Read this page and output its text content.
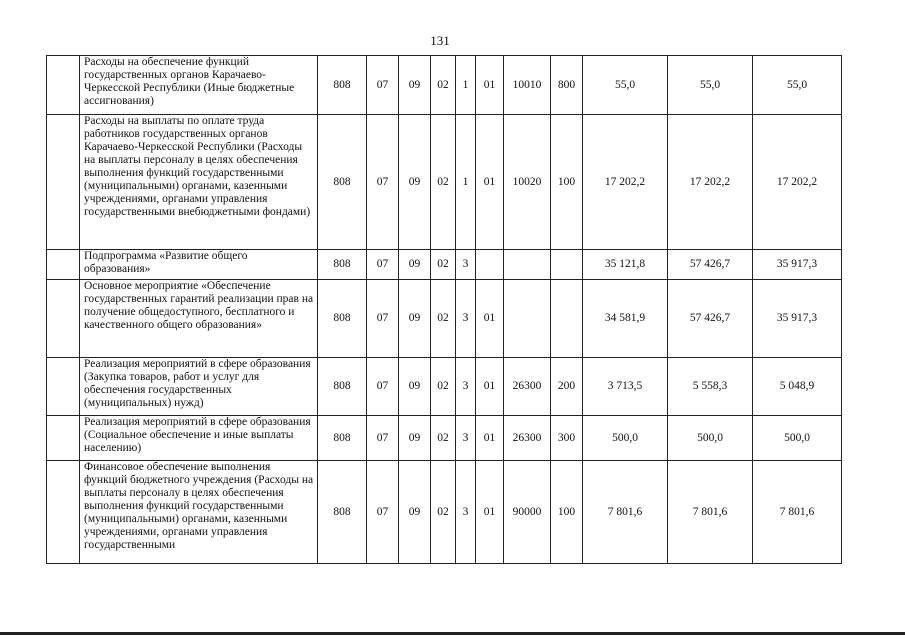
131
	Расходы на обеспечение функций государственных органов Карачаево-Черкесской Республики (Иные бюджетные ассигнования)	808	07	09	02	1	01	10010	800	55,0	55,0	55,0
	Расходы на выплаты по оплате труда работников государственных органов Карачаево-Черкесской Республики (Расходы на выплаты персоналу в целях обеспечения выполнения функций государственными (муниципальными) органами, казенными учреждениями, органами управления государственными внебюджетными фондами)	808	07	09	02	1	01	10020	100	17 202,2	17 202,2	17 202,2
	Подпрограмма «Развитие общего образования»	808	07	09	02	3				35 121,8	57 426,7	35 917,3
	Основное мероприятие «Обеспечение государственных гарантий реализации прав на получение общедоступного, бесплатного и качественного общего образования»	808	07	09	02	3	01			34 581,9	57 426,7	35 917,3
	Реализация мероприятий в сфере образования (Закупка товаров, работ и услуг для обеспечения государственных (муниципальных) нужд)	808	07	09	02	3	01	26300	200	3 713,5	5 558,3	5 048,9
	Реализация мероприятий в сфере образования (Социальное обеспечение и иные выплаты населению)	808	07	09	02	3	01	26300	300	500,0	500,0	500,0
	Финансовое обеспечение выполнения функций бюджетного учреждения (Расходы на выплаты персоналу в целях обеспечения выполнения функций государственными (муниципальными) органами, казенными учреждениями, органами управления государственными	808	07	09	02	3	01	90000	100	7 801,6	7 801,6	7 801,6
